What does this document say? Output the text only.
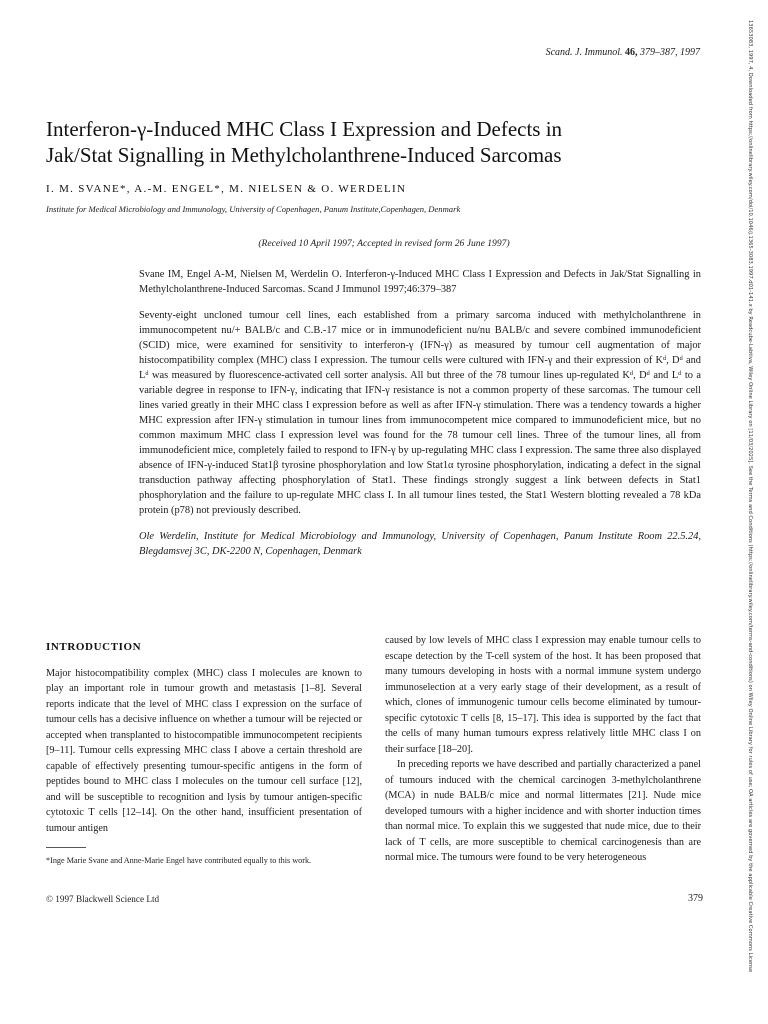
Scand. J. Immunol. 46, 379–387, 1997
Interferon-γ-Induced MHC Class I Expression and Defects in
Jak/Stat Signalling in Methylcholanthrene-Induced Sarcomas
I. M. SVANE*, A.-M. ENGEL*, M. NIELSEN & O. WERDELIN
Institute for Medical Microbiology and Immunology, University of Copenhagen, Panum Institute,Copenhagen, Denmark
(Received 10 April 1997; Accepted in revised form 26 June 1997)

Svane IM, Engel A-M, Nielsen M, Werdelin O. Interferon-γ-Induced MHC Class I Expression and Defects in Jak/Stat Signalling in Methylcholanthrene-Induced Sarcomas. Scand J Immunol 1997;46:379–387

Seventy-eight uncloned tumour cell lines, each established from a primary sarcoma induced with methylcholanthrene in immunocompetent nu/+ BALB/c and C.B.-17 mice or in immunodeficient nu/nu BALB/c and severe combined immunodeficient (SCID) mice, were examined for sensitivity to interferon-γ (IFN-γ) as measured by tumour cell augmentation of major histocompatibility complex (MHC) class I expression. The tumour cells were cultured with IFN-γ and their expression of Kᵈ, Dᵈ and Lᵈ was measured by fluorescence-activated cell sorter analysis. All but three of the 78 tumour lines up-regulated Kᵈ, Dᵈ and Lᵈ to a variable degree in response to IFN-γ, indicating that IFN-γ resistance is not a common property of these sarcomas. The tumour cell lines varied greatly in their MHC class I expression before as well as after IFN-γ stimulation. There was a tendency towards a higher MHC expression after IFN-γ stimulation in tumour lines from immunocompetent mice compared to immunodeficient mice, but no common maximum MHC class I expression level was found for the 78 tumour cell lines. Three of the tumour lines, all from immunodeficient mice, completely failed to respond to IFN-γ by up-regulating MHC class I expression. The same three also displayed absence of IFN-γ-induced Stat1β tyrosine phosphorylation and low Stat1α tyrosine phosphorylation, indicating a defect in the signal transduction pathway affecting phosphorylation of Stat1. These findings strongly suggest a link between defects in Stat1 phosphorylation and the failure to up-regulate MHC class I. In all tumour lines tested, the Stat1 Western blotting revealed a 78 kDa protein (p78) not previously described.

Ole Werdelin, Institute for Medical Microbiology and Immunology, University of Copenhagen, Panum Institute Room 22.5.24, Blegdamsvej 3C, DK-2200 N, Copenhagen, Denmark

INTRODUCTION

Major histocompatibility complex (MHC) class I molecules are known to play an important role in tumour growth and metastasis [1–8]. Several reports indicate that the level of MHC class I expression on the surface of tumour cells has a decisive influence on whether a tumour will be rejected or accepted when transplanted to histocompatible immunocompetent recipients [9–11]. Tumour cells expressing MHC class I above a certain threshold are capable of effectively presenting tumour-specific antigens in the form of peptides bound to MHC class I molecules on the tumour cell surface [12], and will be susceptible to recognition and lysis by tumour antigen-specific cytotoxic T cells [12–14]. On the other hand, insufficient presentation of tumour antigen

*Inge Marie Svane and Anne-Marie Engel have contributed equally to this work.

caused by low levels of MHC class I expression may enable tumour cells to escape detection by the T-cell system of the host. It has been proposed that many tumours developing in hosts with a normal immune system undergo immunoselection at a very early stage of their development, as a result of which, clones of immunogenic tumour cells become eliminated by tumour-specific cytotoxic T cells [8, 15–17]. This idea is supported by the fact that the cells of many human tumours express relatively little MHC class I on their surface [18–20].

In preceding reports we have described and partially characterized a panel of tumours induced with the chemical carcinogen 3-methylcholanthrene (MCA) in nude BALB/c mice and normal littermates [21]. Nude mice developed tumours with a higher incidence and with shorter induction times than normal mice. To explain this we suggested that nude mice, due to their lack of T cells, are more susceptible to chemical carcinogenesis than are normal mice. The tumours were found to be very heterogeneous

© 1997 Blackwell Science Ltd	379	13653083, 1997, 4, Downloaded from https://onlinelibrary.wiley.com/doi/10.1046/j.1365-3083.1997.d01-141.x by Readcube-Labtiva, Wiley Online Library on [11/03/2025]. See the Terms and Conditions (https://onlinelibrary.wiley.com/terms-and-conditions) on Wiley Online Library for rules of use; OA articles are governed by the applicable Creative Commons License
